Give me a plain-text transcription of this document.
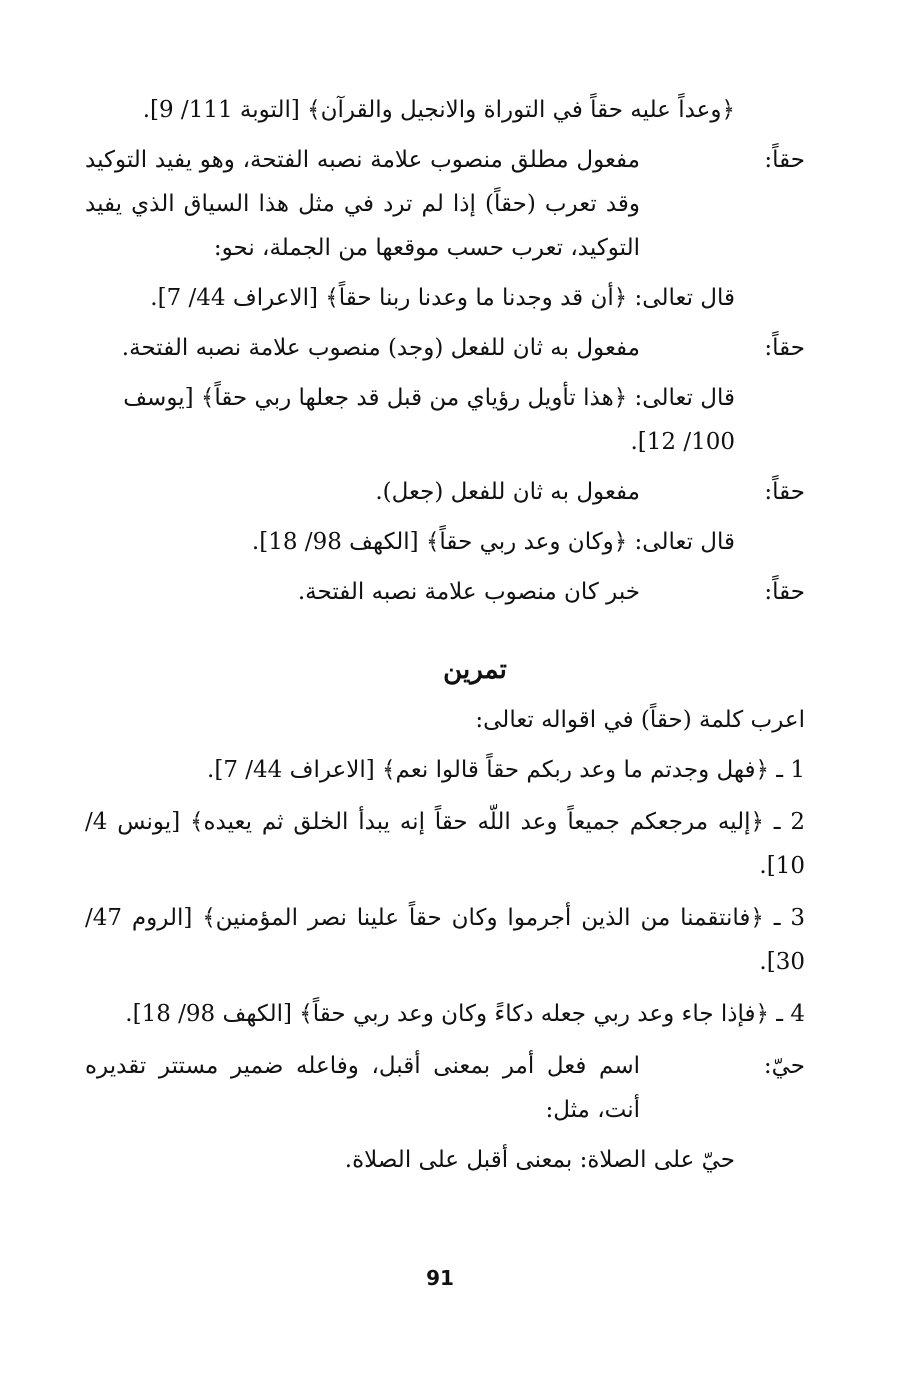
﴿وعداً عليه حقاً في التوراة والانجيل والقرآن﴾ [التوبة 111/ 9].
حقاً:
مفعول مطلق منصوب علامة نصبه الفتحة، وهو يفيد التوكيد وقد تعرب (حقاً) إذا لم ترد في مثل هذا السياق الذي يفيد التوكيد، تعرب حسب موقعها من الجملة، نحو:
قال تعالى: ﴿أن قد وجدنا ما وعدنا ربنا حقاً﴾ [الاعراف 44/ 7].
حقاً:
مفعول به ثان للفعل (وجد) منصوب علامة نصبه الفتحة.
قال تعالى: ﴿هذا تأويل رؤياي من قبل قد جعلها ربي حقاً﴾ [يوسف 100/ 12].
حقاً:
مفعول به ثان للفعل (جعل).
قال تعالى: ﴿وكان وعد ربي حقاً﴾ [الكهف 98/ 18].
حقاً:
خبر كان منصوب علامة نصبه الفتحة.
تمرين
اعرب كلمة (حقاً) في اقواله تعالى:
1 ـ ﴿فهل وجدتم ما وعد ربكم حقاً قالوا نعم﴾ [الاعراف 44/ 7].
2 ـ ﴿إليه مرجعكم جميعاً وعد اللّه حقاً إنه يبدأ الخلق ثم يعيده﴾ [يونس 4/ 10].
3 ـ ﴿فانتقمنا من الذين أجرموا وكان حقاً علينا نصر المؤمنين﴾ [الروم 47/ 30].
4 ـ ﴿فإذا جاء وعد ربي جعله دكاءً وكان وعد ربي حقاً﴾ [الكهف 98/ 18].
حيّ:
اسم فعل أمر بمعنى أقبل، وفاعله ضمير مستتر تقديره أنت، مثل:
حيّ على الصلاة: بمعنى أقبل على الصلاة.
91
